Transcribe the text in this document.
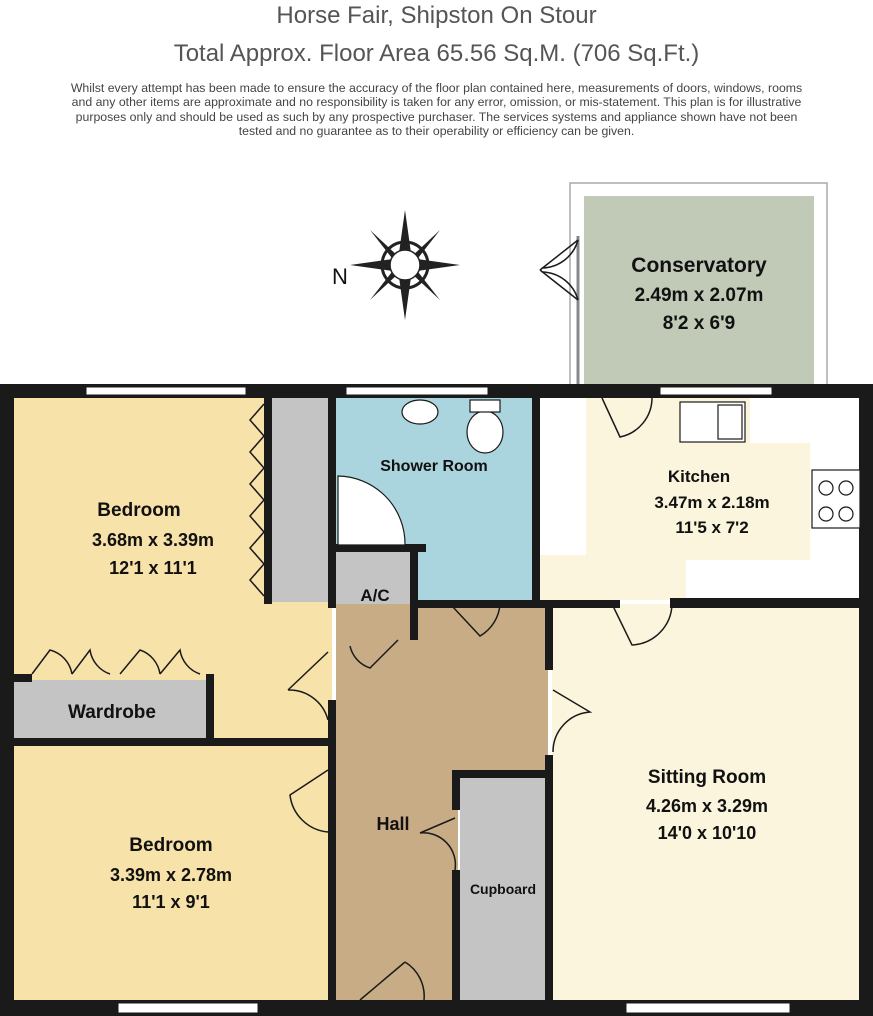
Horse Fair, Shipston On Stour
Total Approx. Floor Area 65.56 Sq.M. (706 Sq.Ft.)
Whilst every attempt has been made to ensure the accuracy of the floor plan contained here, measurements of doors, windows, rooms and any other items are approximate and no responsibility is taken for any error, omission, or mis-statement. This plan is for illustrative purposes only and should be used as such by any prospective purchaser. The services systems and appliance shown have not been tested and no guarantee as to their operability or efficiency can be given.
N	Conservatory
2.49m x 2.07m
8'2 x 6'9
Bedroom
3.68m x 3.39m
12'1 x 11'1
Shower Room
Kitchen
3.47m x 2.18m
11'5 x 7'2
A/C
Wardrobe
Bedroom
3.39m x 2.78m
11'1 x 9'1
Hall
Cupboard
Sitting Room
4.26m x 3.29m
14'0 x 10'10
